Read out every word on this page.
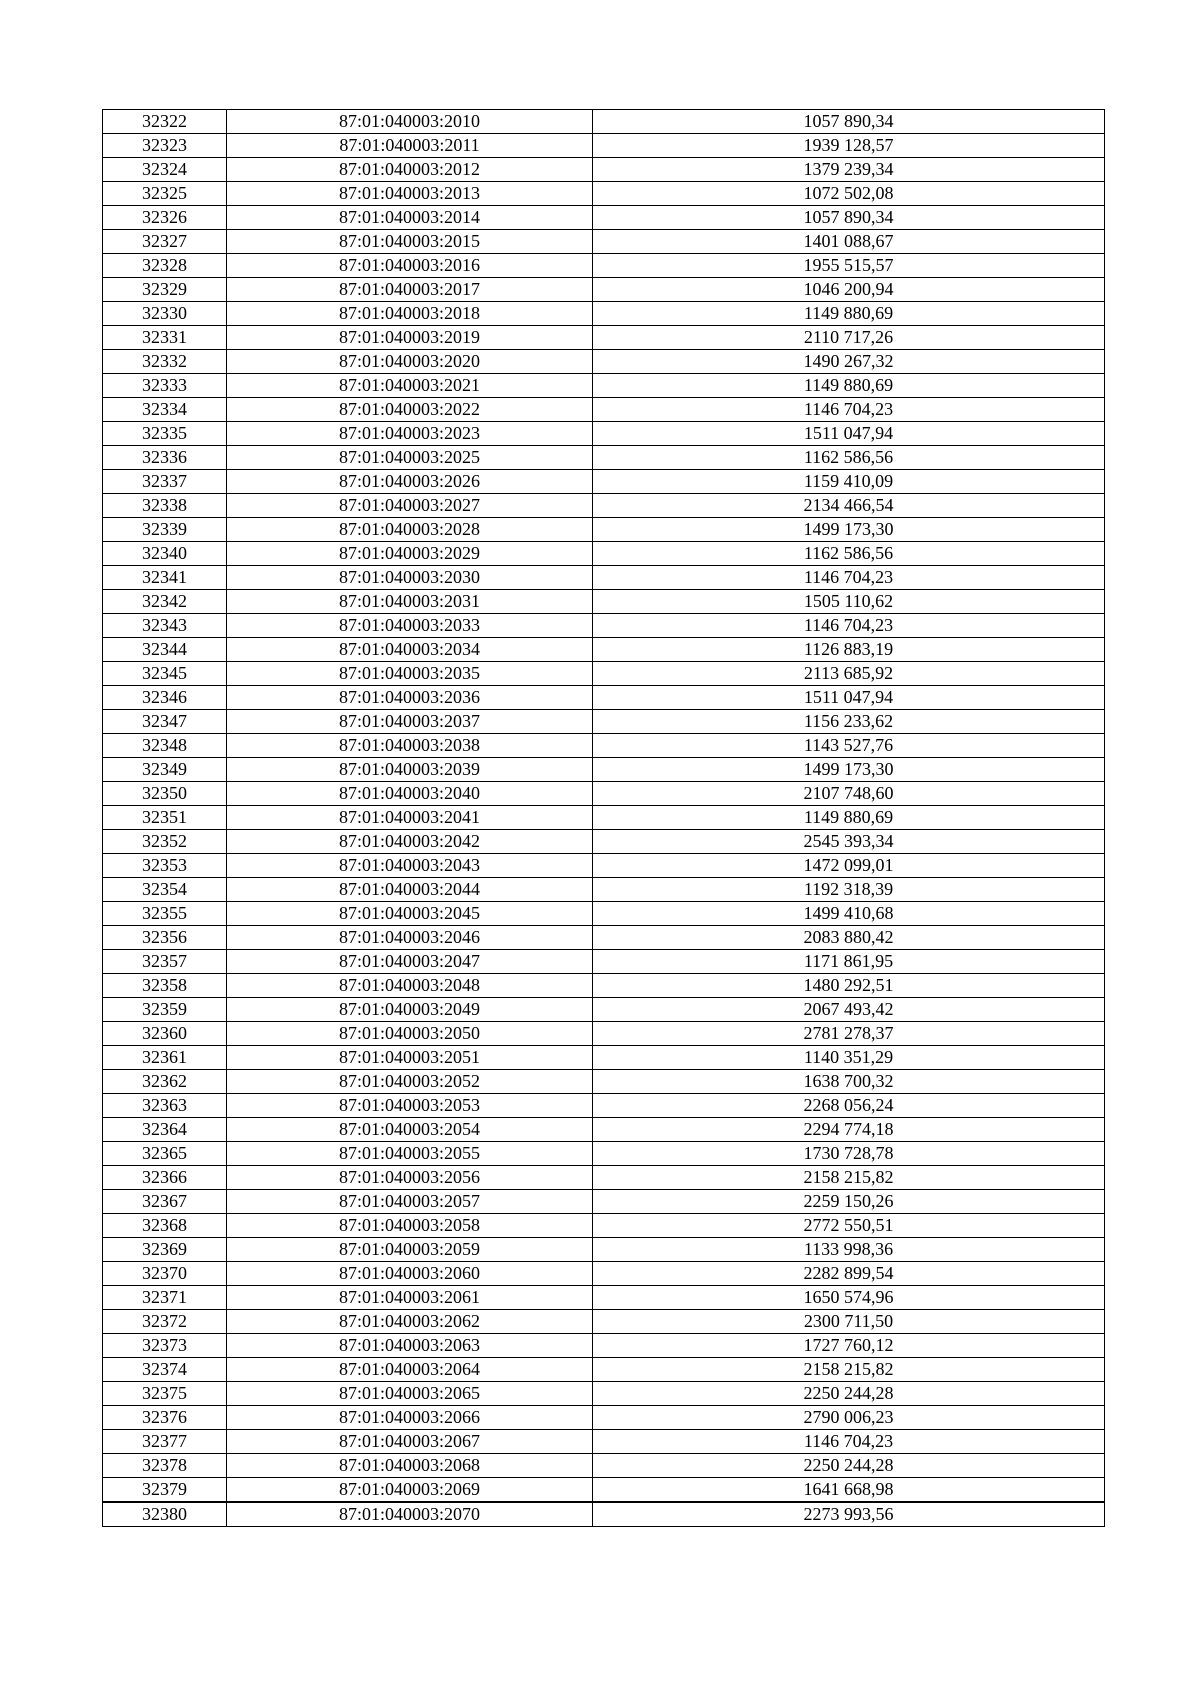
32322	87:01:040003:2010	1057 890,34
32323	87:01:040003:2011	1939 128,57
32324	87:01:040003:2012	1379 239,34
32325	87:01:040003:2013	1072 502,08
32326	87:01:040003:2014	1057 890,34
32327	87:01:040003:2015	1401 088,67
32328	87:01:040003:2016	1955 515,57
32329	87:01:040003:2017	1046 200,94
32330	87:01:040003:2018	1149 880,69
32331	87:01:040003:2019	2110 717,26
32332	87:01:040003:2020	1490 267,32
32333	87:01:040003:2021	1149 880,69
32334	87:01:040003:2022	1146 704,23
32335	87:01:040003:2023	1511 047,94
32336	87:01:040003:2025	1162 586,56
32337	87:01:040003:2026	1159 410,09
32338	87:01:040003:2027	2134 466,54
32339	87:01:040003:2028	1499 173,30
32340	87:01:040003:2029	1162 586,56
32341	87:01:040003:2030	1146 704,23
32342	87:01:040003:2031	1505 110,62
32343	87:01:040003:2033	1146 704,23
32344	87:01:040003:2034	1126 883,19
32345	87:01:040003:2035	2113 685,92
32346	87:01:040003:2036	1511 047,94
32347	87:01:040003:2037	1156 233,62
32348	87:01:040003:2038	1143 527,76
32349	87:01:040003:2039	1499 173,30
32350	87:01:040003:2040	2107 748,60
32351	87:01:040003:2041	1149 880,69
32352	87:01:040003:2042	2545 393,34
32353	87:01:040003:2043	1472 099,01
32354	87:01:040003:2044	1192 318,39
32355	87:01:040003:2045	1499 410,68
32356	87:01:040003:2046	2083 880,42
32357	87:01:040003:2047	1171 861,95
32358	87:01:040003:2048	1480 292,51
32359	87:01:040003:2049	2067 493,42
32360	87:01:040003:2050	2781 278,37
32361	87:01:040003:2051	1140 351,29
32362	87:01:040003:2052	1638 700,32
32363	87:01:040003:2053	2268 056,24
32364	87:01:040003:2054	2294 774,18
32365	87:01:040003:2055	1730 728,78
32366	87:01:040003:2056	2158 215,82
32367	87:01:040003:2057	2259 150,26
32368	87:01:040003:2058	2772 550,51
32369	87:01:040003:2059	1133 998,36
32370	87:01:040003:2060	2282 899,54
32371	87:01:040003:2061	1650 574,96
32372	87:01:040003:2062	2300 711,50
32373	87:01:040003:2063	1727 760,12
32374	87:01:040003:2064	2158 215,82
32375	87:01:040003:2065	2250 244,28
32376	87:01:040003:2066	2790 006,23
32377	87:01:040003:2067	1146 704,23
32378	87:01:040003:2068	2250 244,28
32379	87:01:040003:2069	1641 668,98
32380	87:01:040003:2070	2273 993,56
